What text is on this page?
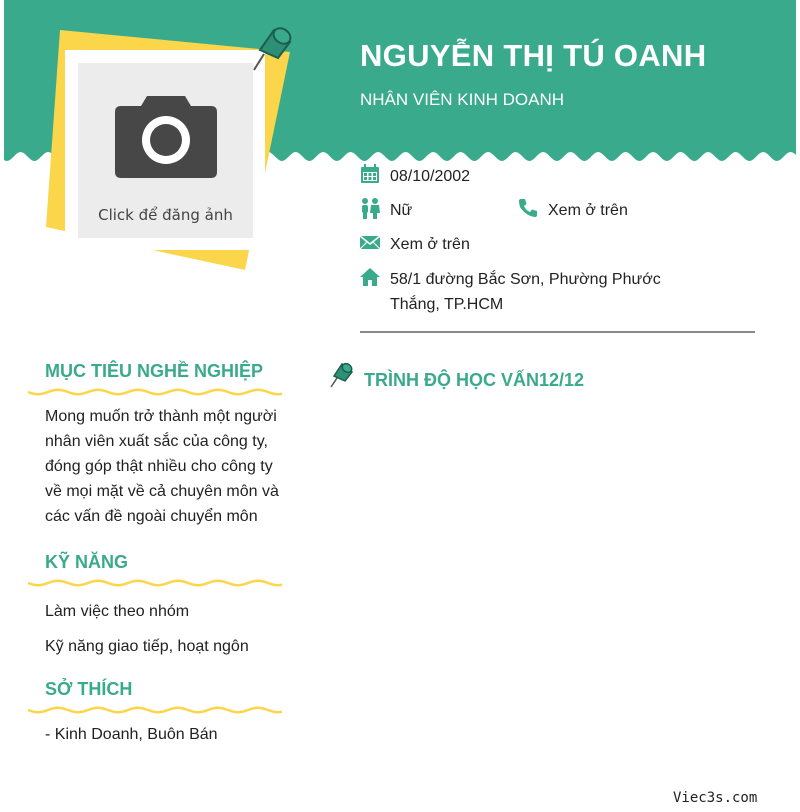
NGUYỄN THỊ TÚ OANH
NHÂN VIÊN KINH DOANH
Click để đăng ảnh
08/10/2002
Nữ	Xem ở trên
Xem ở trên
58/1 đường Bắc Sơn, Phường Phước
Thắng, TP.HCM
MỤC TIÊU NGHỀ NGHIỆP
Mong muốn trở thành một người
nhân viên xuất sắc của công ty,
đóng góp thật nhiều cho công ty
về mọi mặt về cả chuyên môn và
các vấn đề ngoài chuyển môn
KỸ NĂNG
Làm việc theo nhóm
Kỹ năng giao tiếp, hoạt ngôn
SỞ THÍCH
- Kinh Doanh, Buôn Bán
TRÌNH ĐỘ HỌC VẤN12/12
Viec3s.com
